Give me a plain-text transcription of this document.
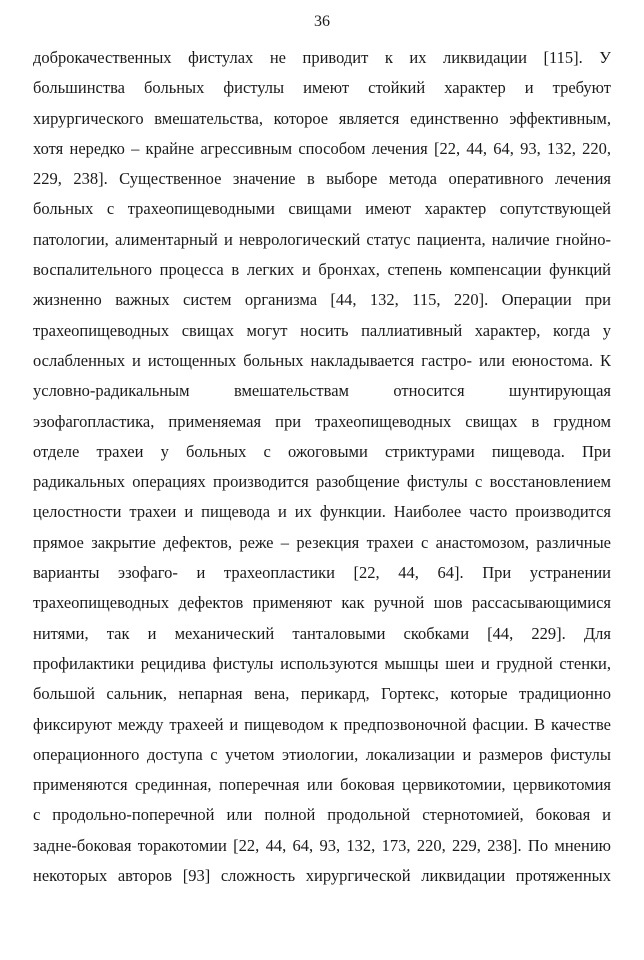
36
доброкачественных фистулах не приводит к их ликвидации [115]. У
большинства больных фистулы имеют стойкий характер и требуют
хирургического вмешательства, которое является единственно эффективным,
хотя нередко – крайне агрессивным способом лечения [22, 44, 64, 93, 132, 220,
229, 238]. Существенное значение в выборе метода оперативного лечения
больных с трахеопищеводными свищами имеют характер сопутствующей
патологии, алиментарный и неврологический статус пациента, наличие гнойно-
воспалительного процесса в легких и бронхах, степень компенсации функций
жизненно важных систем организма [44, 132, 115, 220]. Операции при
трахеопищеводных свищах могут носить паллиативный характер, когда у
ослабленных и истощенных больных накладывается гастро- или еюностома. К
условно-радикальным вмешательствам относится шунтирующая
эзофагопластика, применяемая при трахеопищеводных свищах в грудном
отделе трахеи у больных с ожоговыми стриктурами пищевода. При
радикальных операциях производится разобщение фистулы с восстановлением
целостности трахеи и пищевода и их функции. Наиболее часто производится
прямое закрытие дефектов, реже – резекция трахеи с анастомозом, различные
варианты эзофаго- и трахеопластики [22, 44, 64]. При устранении
трахеопищеводных дефектов применяют как ручной шов рассасывающимися
нитями, так и механический танталовыми скобками [44, 229]. Для
профилактики рецидива фистулы используются мышцы шеи и грудной стенки,
большой сальник, непарная вена, перикард, Гортекс, которые традиционно
фиксируют между трахеей и пищеводом к предпозвоночной фасции. В качестве
операционного доступа с учетом этиологии, локализации и размеров фистулы
применяются срединная, поперечная или боковая цервикотомии, цервикотомия
с продольно-поперечной или полной продольной стернотомией, боковая и
задне-боковая торакотомии [22, 44, 64, 93, 132, 173, 220, 229, 238]. По мнению
некоторых авторов [93] сложность хирургической ликвидации протяженных
